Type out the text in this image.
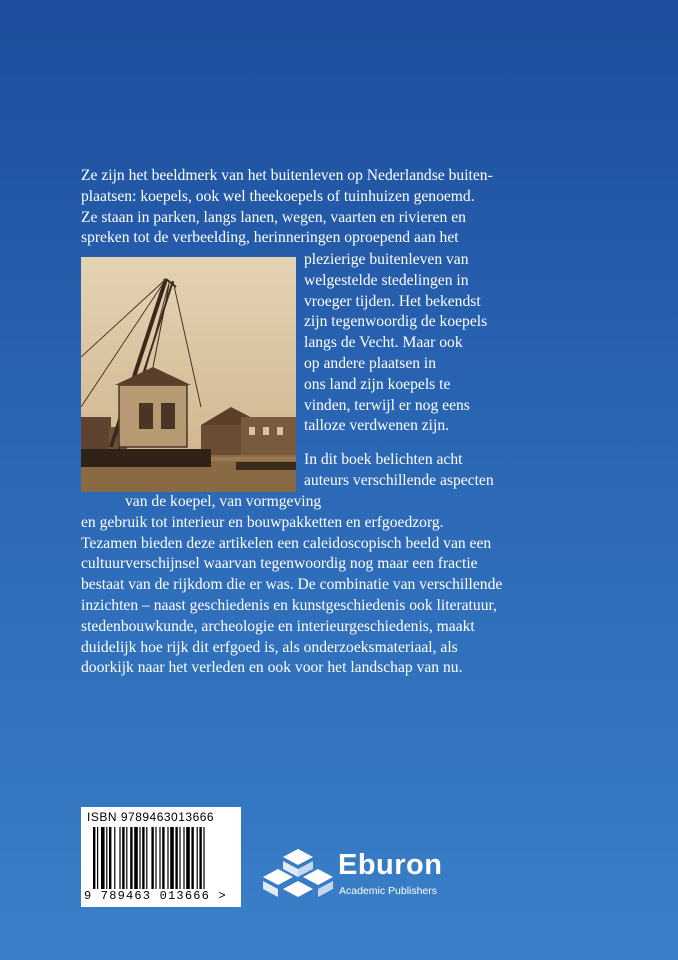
Ze zijn het beeldmerk van het buitenleven op Nederlandse buiten-
plaatsen: koepels, ook wel theekoepels of tuinhuizen genoemd.
Ze staan in parken, langs lanen, wegen, vaarten en rivieren en
spreken tot de verbeelding, herinneringen oproepend aan het
plezierige buitenleven van
welgestelde stedelingen in
vroeger tijden. Het bekendst
zijn tegenwoordig de koepels
langs de Vecht. Maar ook
op andere plaatsen in
ons land zijn koepels te
vinden, terwijl er nog eens
talloze verdwenen zijn.
In dit boek belichten acht
auteurs verschillende aspecten
van de koepel, van vormgeving
en gebruik tot interieur en bouwpakketten en erfgoedzorg.
Tezamen bieden deze artikelen een caleidoscopisch beeld van een
cultuurverschijnsel waarvan tegenwoordig nog maar een fractie
bestaat van de rijkdom die er was. De combinatie van verschillende
inzichten – naast geschiedenis en kunstgeschiedenis ook literatuur,
stedenbouwkunde, archeologie en interieurgeschiedenis, maakt
duidelijk hoe rijk dit erfgoed is, als onderzoeksmateriaal, als
doorkijk naar het verleden en ook voor het landschap van nu.
ISBN 9789463013666
9 789463 013666 >
Eburon
Academic Publishers
